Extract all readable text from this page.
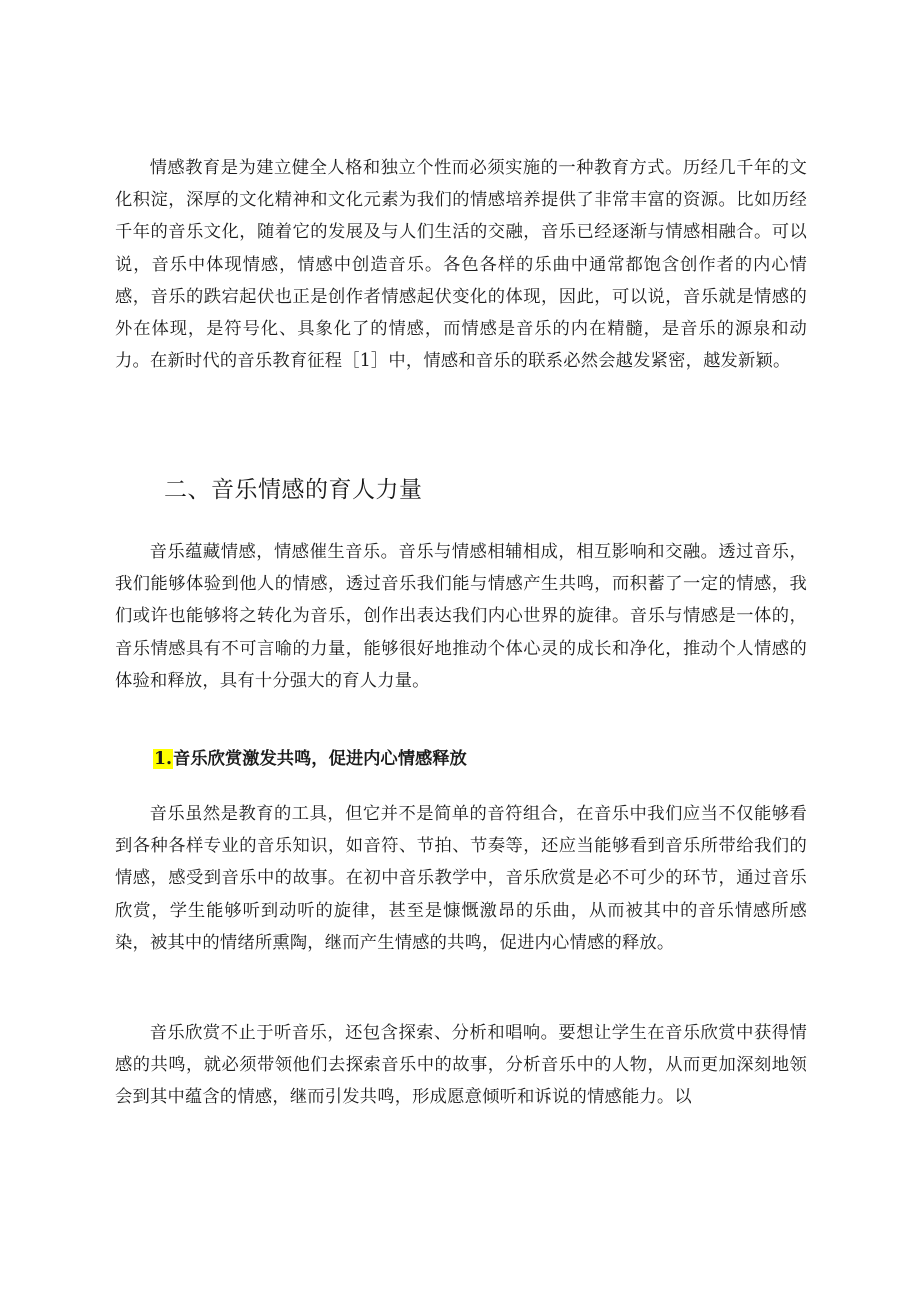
情感教育是为建立健全人格和独立个性而必须实施的一种教育方式。历经几千年的文化积淀，深厚的文化精神和文化元素为我们的情感培养提供了非常丰富的资源。比如历经千年的音乐文化，随着它的发展及与人们生活的交融，音乐已经逐渐与情感相融合。可以说，音乐中体现情感，情感中创造音乐。各色各样的乐曲中通常都饱含创作者的内心情感，音乐的跌宕起伏也正是创作者情感起伏变化的体现，因此，可以说，音乐就是情感的外在体现，是符号化、具象化了的情感，而情感是音乐的内在精髓，是音乐的源泉和动力。在新时代的音乐教育征程［1］中，情感和音乐的联系必然会越发紧密，越发新颖。

二、音乐情感的育人力量

音乐蕴藏情感，情感催生音乐。音乐与情感相辅相成，相互影响和交融。透过音乐，我们能够体验到他人的情感，透过音乐我们能与情感产生共鸣，而积蓄了一定的情感，我们或许也能够将之转化为音乐，创作出表达我们内心世界的旋律。音乐与情感是一体的，音乐情感具有不可言喻的力量，能够很好地推动个体心灵的成长和净化，推动个人情感的体验和释放，具有十分强大的育人力量。

1.音乐欣赏激发共鸣，促进内心情感释放

音乐虽然是教育的工具，但它并不是简单的音符组合，在音乐中我们应当不仅能够看到各种各样专业的音乐知识，如音符、节拍、节奏等，还应当能够看到音乐所带给我们的情感，感受到音乐中的故事。在初中音乐教学中，音乐欣赏是必不可少的环节，通过音乐欣赏，学生能够听到动听的旋律，甚至是慷慨激昂的乐曲，从而被其中的音乐情感所感染，被其中的情绪所熏陶，继而产生情感的共鸣，促进内心情感的释放。

音乐欣赏不止于听音乐，还包含探索、分析和唱响。要想让学生在音乐欣赏中获得情感的共鸣，就必须带领他们去探索音乐中的故事，分析音乐中的人物，从而更加深刻地领会到其中蕴含的情感，继而引发共鸣，形成愿意倾听和诉说的情感能力。以
